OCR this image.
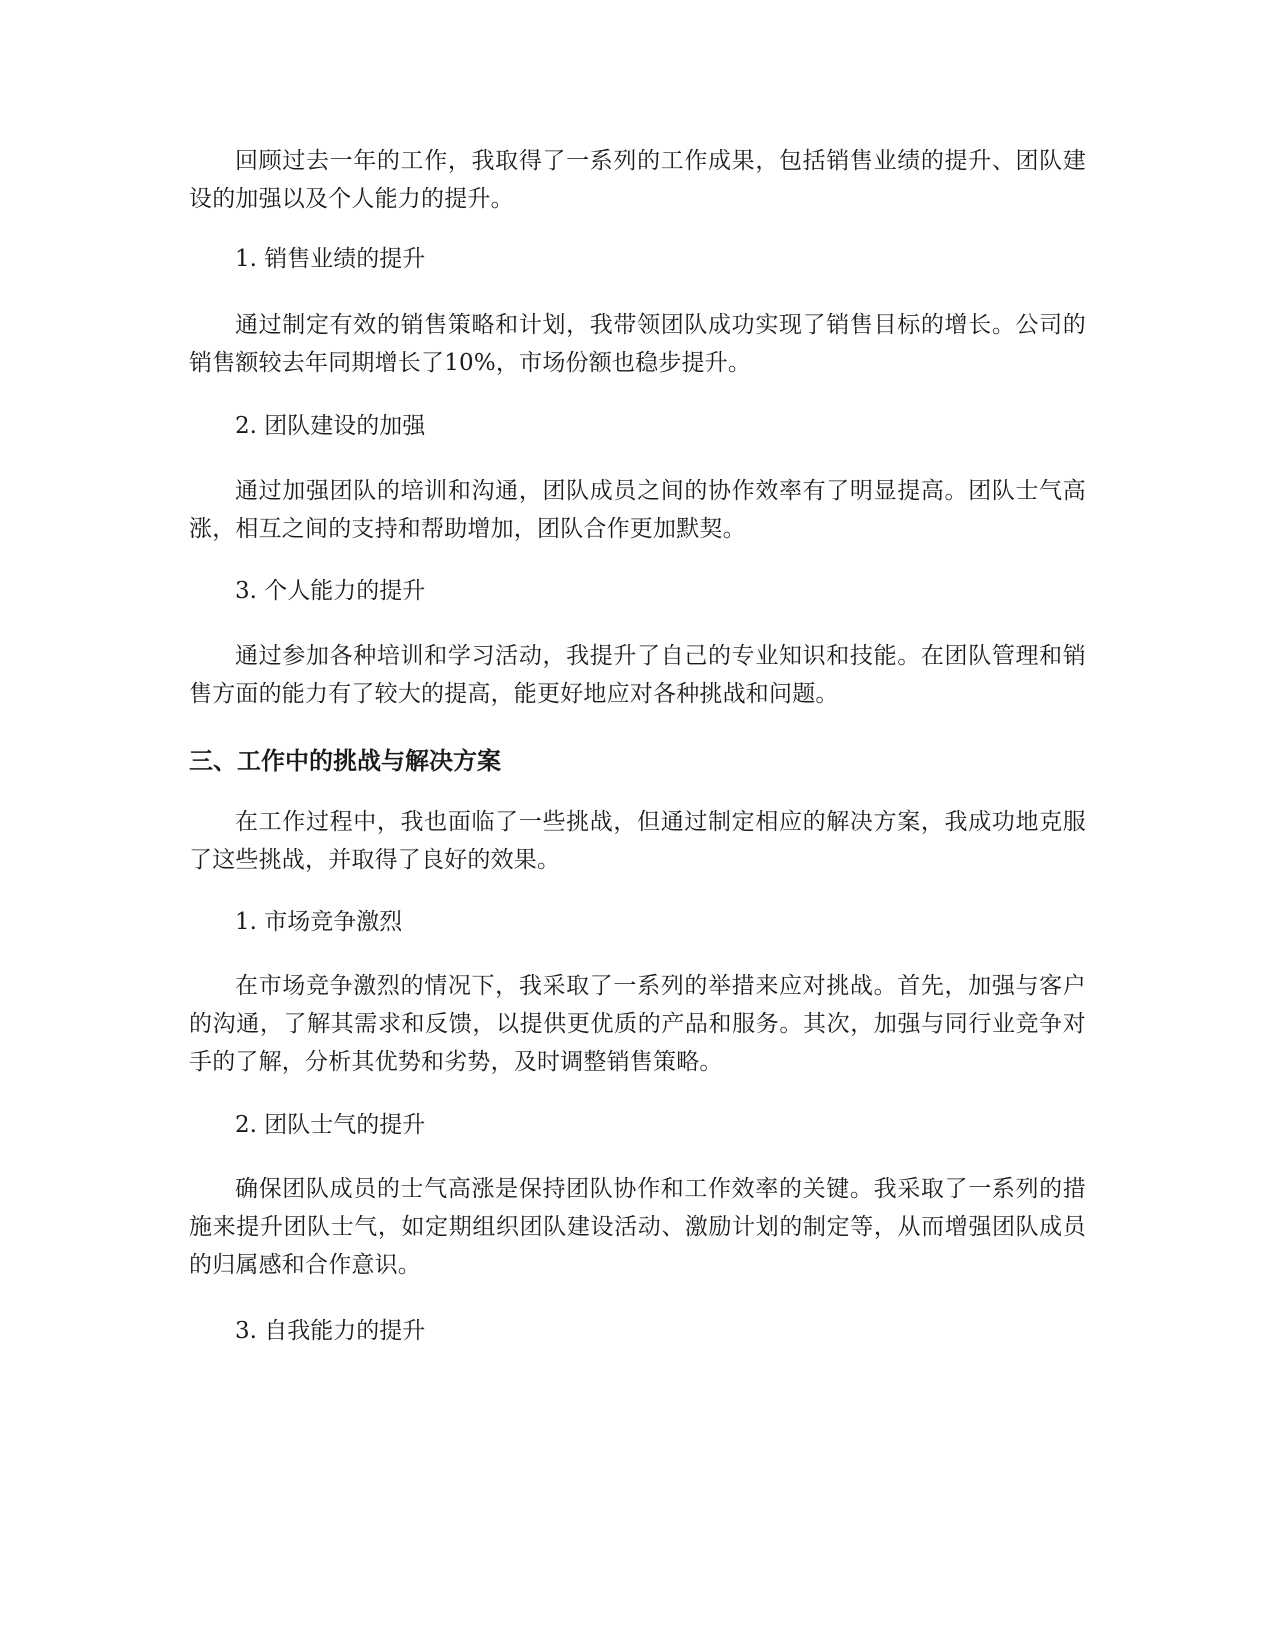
回顾过去一年的工作，我取得了一系列的工作成果，包括销售业绩的提升、团队建设的加强以及个人能力的提升。

1. 销售业绩的提升

通过制定有效的销售策略和计划，我带领团队成功实现了销售目标的增长。公司的销售额较去年同期增长了10%，市场份额也稳步提升。

2. 团队建设的加强

通过加强团队的培训和沟通，团队成员之间的协作效率有了明显提高。团队士气高涨，相互之间的支持和帮助增加，团队合作更加默契。

3. 个人能力的提升

通过参加各种培训和学习活动，我提升了自己的专业知识和技能。在团队管理和销售方面的能力有了较大的提高，能更好地应对各种挑战和问题。

三、工作中的挑战与解决方案

在工作过程中，我也面临了一些挑战，但通过制定相应的解决方案，我成功地克服了这些挑战，并取得了良好的效果。

1. 市场竞争激烈

在市场竞争激烈的情况下，我采取了一系列的举措来应对挑战。首先，加强与客户的沟通，了解其需求和反馈，以提供更优质的产品和服务。其次，加强与同行业竞争对手的了解，分析其优势和劣势，及时调整销售策略。

2. 团队士气的提升

确保团队成员的士气高涨是保持团队协作和工作效率的关键。我采取了一系列的措施来提升团队士气，如定期组织团队建设活动、激励计划的制定等，从而增强团队成员的归属感和合作意识。

3. 自我能力的提升
